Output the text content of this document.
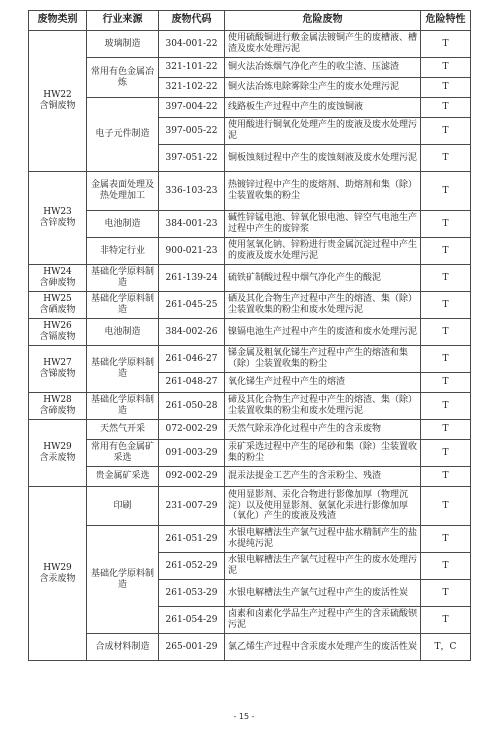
废物类别	行业来源	废物代码	危险废物	危险特性
HW22
含铜废物	玻璃制造	304-001-22	使用硫酸铜进行敷金属法镀铜产生的废槽液、槽渣及废水处理污泥	T
	常用有色金属冶炼	321-101-22	铜火法冶炼烟气净化产生的收尘渣、压滤渣	T
		321-102-22	铜火法冶炼电除雾除尘产生的废水处理污泥	T
	电子元件制造	397-004-22	线路板生产过程中产生的废蚀铜液	T
		397-005-22	使用酸进行铜氧化处理产生的废液及废水处理污泥	T
		397-051-22	铜板蚀刻过程中产生的废蚀刻液及废水处理污泥	T
HW23
含锌废物	金属表面处理及热处理加工	336-103-23	热镀锌过程中产生的废熔剂、助熔剂和集（除）尘装置收集的粉尘	T
	电池制造	384-001-23	碱性锌锰电池、锌氧化银电池、锌空气电池生产过程中产生的废锌浆	T
	非特定行业	900-021-23	使用氢氧化钠、锌粉进行贵金属沉淀过程中产生的废液及废水处理污泥	T
HW24
含砷废物	基础化学原料制造	261-139-24	硫铁矿制酸过程中烟气净化产生的酸泥	T
HW25
含硒废物	基础化学原料制造	261-045-25	硒及其化合物生产过程中产生的熔渣、集（除）尘装置收集的粉尘和废水处理污泥	T
HW26
含镉废物	电池制造	384-002-26	镍镉电池生产过程中产生的废渣和废水处理污泥	T
HW27
含锑废物	基础化学原料制造	261-046-27	锑金属及粗氧化锑生产过程中产生的熔渣和集（除）尘装置收集的粉尘	T
		261-048-27	氧化锑生产过程中产生的熔渣	T
HW28
含碲废物	基础化学原料制造	261-050-28	碲及其化合物生产过程中产生的熔渣、集（除）尘装置收集的粉尘和废水处理污泥	T
HW29
含汞废物	天然气开采	072-002-29	天然气除汞净化过程中产生的含汞废物	T
	常用有色金属矿采选	091-003-29	汞矿采选过程中产生的尾砂和集（除）尘装置收集的粉尘	T
	贵金属矿采选	092-002-29	混汞法提金工艺产生的含汞粉尘、残渣	T
HW29
含汞废物	印刷	231-007-29	使用显影剂、汞化合物进行影像加厚（物理沉淀）以及使用显影剂、氨氯化汞进行影像加厚（氧化）产生的废液及残渣	T
	基础化学原料制造	261-051-29	水银电解槽法生产氯气过程中盐水精制产生的盐水提纯污泥	T
		261-052-29	水银电解槽法生产氯气过程中产生的废水处理污泥	T
		261-053-29	水银电解槽法生产氯气过程中产生的废活性炭	T
		261-054-29	卤素和卤素化学品生产过程中产生的含汞硫酸钡污泥	T
	合成材料制造	265-001-29	氯乙烯生产过程中含汞废水处理产生的废活性炭	T，C
- 15 -
